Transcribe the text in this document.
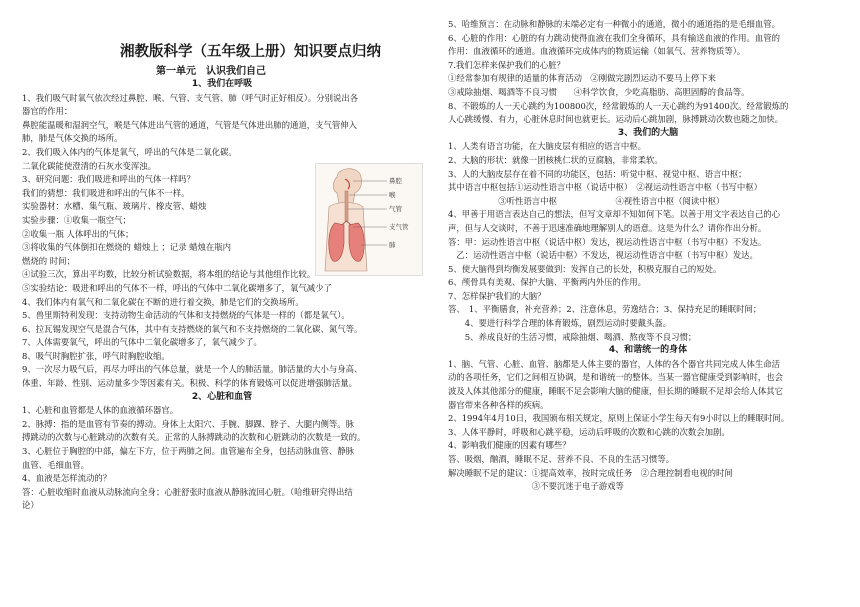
湘教版科学（五年级上册）知识要点归纳
第一单元　认识我们自己
1、我们在呼吸
1、我们吸气时氧气依次经过鼻腔、喉、气管、支气管、肺（呼气时正好相反）。分别说出各
器官的作用：
鼻腔能温暖和湿润空气，喉是气体进出气管的通道，气管是气体进出肺的通道，支气管伸入
肺，肺是气体交换的场所。
2、我们吸入体内的气体是氧气，呼出的气体是二氧化碳。
二氧化碳能使澄清的石灰水变浑浊。
3、研究问题：我们吸进和呼出的气体一样吗？
我们的猜想：我们吸进和呼出的气体不一样。
实验器材：水槽、集气瓶、玻璃片、橡皮管、蜡烛
实验步骤：①收集一瓶空气；
②收集一瓶 人体呼出的气体；
③将收集的气体倒扣在燃烧的 蜡烛上 ；记录 蜡烛在瓶内
燃烧的 时间；
④试验三次，算出平均数，比较分析试验数据，将本组的结论与其他组作比较。
⑤实验结论：吸进和呼出的气体不一样，呼出的气体中二氧化碳增多了，氧气减少了
4、我们体内有氧气和二氧化碳在不断的进行着交换，肺是它们的交换场所。
5、兽里斯特利发现：支持动物生命活动的气体和支持燃烧的气体是一样的（都是氧气）。
6、拉瓦锡发现空气是混合气体，其中有支持燃烧的氧气和不支持燃烧的二氧化碳、氮气等。
7、人体需要氧气，呼出的气体中二氧化碳增多了，氧气减少了。
8、吸气时胸腔扩张，呼气时胸腔收缩。
9、一次尽力吸气后，再尽力呼出的气体总量，就是一个人的肺活量。肺活量的大小与身高、
体重、年龄、性别、运动量多少等因素有关。积极、科学的体育锻炼可以促进增强肺活量。
2、心脏和血管
1、心脏和血管都是人体的血液循环器官。
2、脉搏：指的是血管有节奏的搏动。身体上太阳穴、手腕、脚踝、脖子、大腿内侧等。脉
搏跳动的次数与心脏跳动的次数有关。正常的人脉搏跳动的次数和心脏跳动的次数是一致的。
3、心脏位于胸腔的中部，偏左下方，位于两肺之间。血管遍布全身，包括动脉血管、静脉
血管、毛细血管。
4、血液是怎样流动的？
答：心脏收缩时血液从动脉流向全身；心脏舒张时血液从静脉流回心脏。（哈维研究得出结
论）
鼻腔
喉
气管
支气管
肺
5、哈维预言：在动脉和静脉的末端必定有一种微小的通道，微小的通道指的是毛细血管。
6、心脏的作用：心脏的有力跳动使得血液在我们全身循环，具有输送血液的作用。血管的
作用：血液循环的通道。血液循环完成体内的物质运输（如氧气、营养物质等）。
7.我们怎样来保护我们的心脏？
①经常参加有规律的适量的体育活动　②刚做完剧烈运动不要马上停下来
③戒除抽烟、喝酒等不良习惯　　④科学饮食，少吃高脂肪、高胆固醇的食品等。
8、不锻炼的人一天心跳约为100800次，经常锻炼的人一天心跳约为91400次。经常锻炼的
人心跳缓慢、有力，心脏休息时间也就更长。运动后心跳加剧，脉搏跳动次数也随之加快。
3、我们的大脑
1、人类有语言功能，在大脑皮层有相应的语言中枢。
2、大脑的形状：就像一团核桃仁状的豆腐脑，非常柔软。
3、人的大脑皮层存在着不同的功能区，包括：听觉中枢、视觉中枢、语言中枢；
其中语言中枢包括①运动性语言中枢（说话中枢）　②视运动性语言中枢（书写中枢）
　　　　　　③听性语言中枢　　　　　　　④视性语言中枢（阅读中枢）
4、甲善于用语言表达自己的想法，但写文章却不知如何下笔。以善于用文字表达自己的心
声，但与人交谈时，不善于迅速准确地理解别人的语意。这是为什么？请你作出分析。
答：甲：运动性语言中枢（说话中枢）发达，视运动性语言中枢（书写中枢）不发达。
　乙：运动性语言中枢（说话中枢）不发达，视运动性语言中枢（书写中枢）发达。
5、使大脑得到均衡发展要做到：发挥自己的长处，积极克服自己的短处。
6、颅骨具有美观、保护大脑、平衡两内外压的作用。
7、怎样保护我们的大脑？
答、　1、平衡膳食，补充营养；2、注意休息，劳逸结合；3、保持充足的睡眠时间；
　　4、要进行科学合理的体育锻炼，剧烈运动时要戴头盔。
　　5、养成良好的生活习惯，戒除抽烟、喝酒、熬夜等不良习惯；
4、和谐统一的身体
1、脑、气管、心脏、血管、脑都是人体主要的器官，人体的各个器官共同完成人体生命活
动的各项任务，它们之间相互协调，是和谐统一的整体。当某一器官健康受到影响时，也会
波及人体其他部分的健康，睡眠不足会影响大脑的健康，但长期的睡眠不足却会给人体其它
器官带来各种各样的疾病。
2、1994年4月10日，我国颁布相关规定，原则上保证小学生每天有9小时以上的睡眠时间。
3、人体平静时，呼吸和心跳平稳，运动后呼吸的次数和心跳的次数会加剧。
4、影响我们健康的因素有哪些？
答、吸烟，酗酒，睡眠不足、营养不良、不良的生活习惯等。
解决睡眠不足的建议：①提高效率，按时完成任务　②合理控制看电视的时间
　　　　　　　　　　③不要沉迷于电子游戏等
